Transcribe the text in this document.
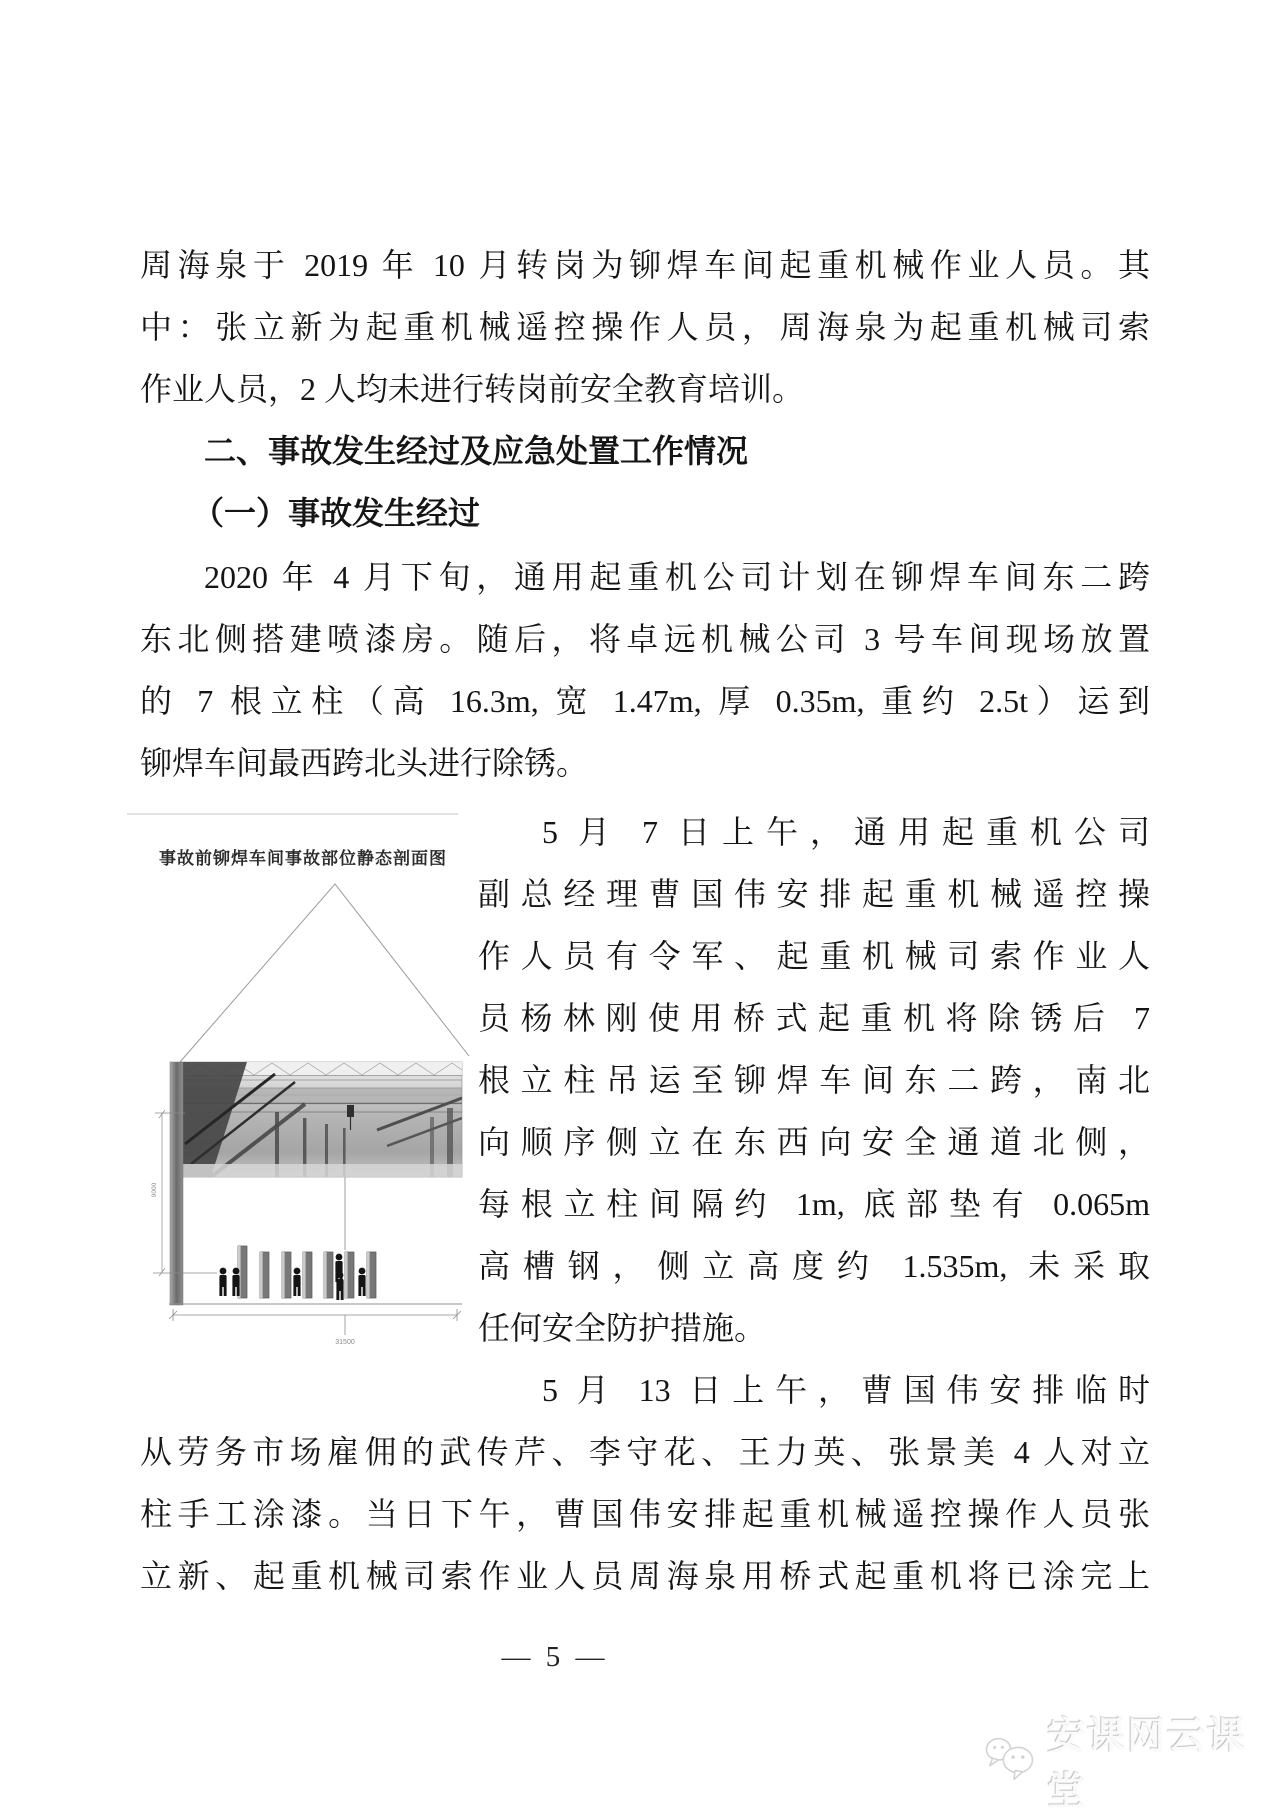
周海泉于 2019 年 10 月转岗为铆焊车间起重机械作业人员。其
中：张立新为起重机械遥控操作人员，周海泉为起重机械司索
作业人员，2 人均未进行转岗前安全教育培训。
二、事故发生经过及应急处置工作情况
（一）事故发生经过
2020 年 4 月下旬，通用起重机公司计划在铆焊车间东二跨
东北侧搭建喷漆房。随后，将卓远机械公司 3 号车间现场放置
的 7 根立柱（高 16.3m, 宽 1.47m, 厚 0.35m, 重约 2.5t）运到
铆焊车间最西跨北头进行除锈。
事故前铆焊车间事故部位静态剖面图
31500
9000
5 月 7 日上午，通用起重机公司
副总经理曹国伟安排起重机械遥控操
作人员有令军、起重机械司索作业人
员杨林刚使用桥式起重机将除锈后 7
根立柱吊运至铆焊车间东二跨，南北
向顺序侧立在东西向安全通道北侧，
每根立柱间隔约 1m, 底部垫有 0.065m
高槽钢，侧立高度约 1.535m, 未采取
任何安全防护措施。
5 月 13 日上午，曹国伟安排临时
从劳务市场雇佣的武传芹、李守花、王力英、张景美 4 人对立
柱手工涂漆。当日下午，曹国伟安排起重机械遥控操作人员张
立新、起重机械司索作业人员周海泉用桥式起重机将已涂完上
— 5 —
安课网云课堂
